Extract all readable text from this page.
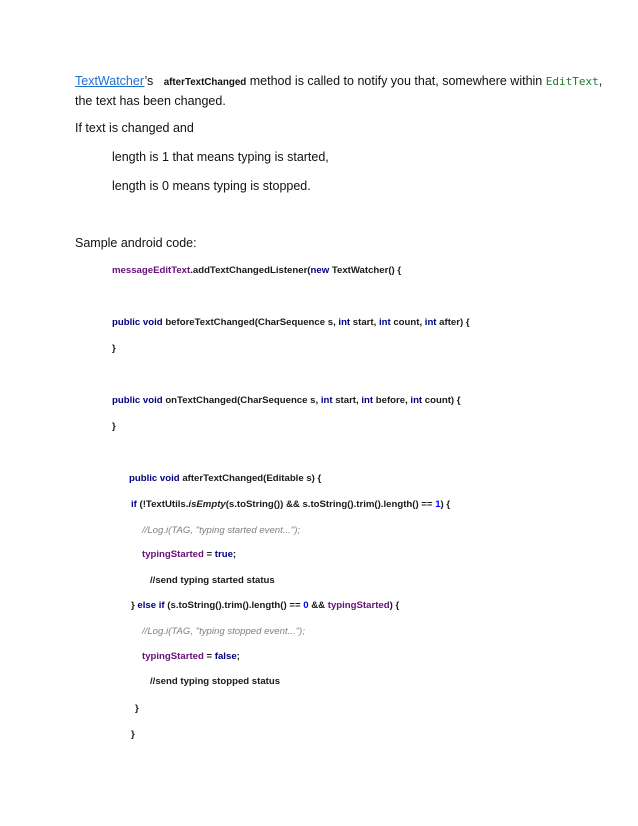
TextWatcher’s afterTextChanged method is called to notify you that, somewhere within EditText,
the text has been changed.
If text is changed and
length is 1 that means typing is started,
length is 0 means typing is stopped.
Sample android code:
messageEditText.addTextChangedListener(new TextWatcher() {
public void beforeTextChanged(CharSequence s, int start, int count, int after) {
}
public void onTextChanged(CharSequence s, int start, int before, int count) {
}
public void afterTextChanged(Editable s) {
if (!TextUtils.isEmpty(s.toString()) && s.toString().trim().length() == 1) {
//Log.i(TAG, "typing started event...");
typingStarted = true;
//send typing started status
} else if (s.toString().trim().length() == 0 && typingStarted) {
//Log.i(TAG, "typing stopped event...");
typingStarted = false;
//send typing stopped status
}
}
